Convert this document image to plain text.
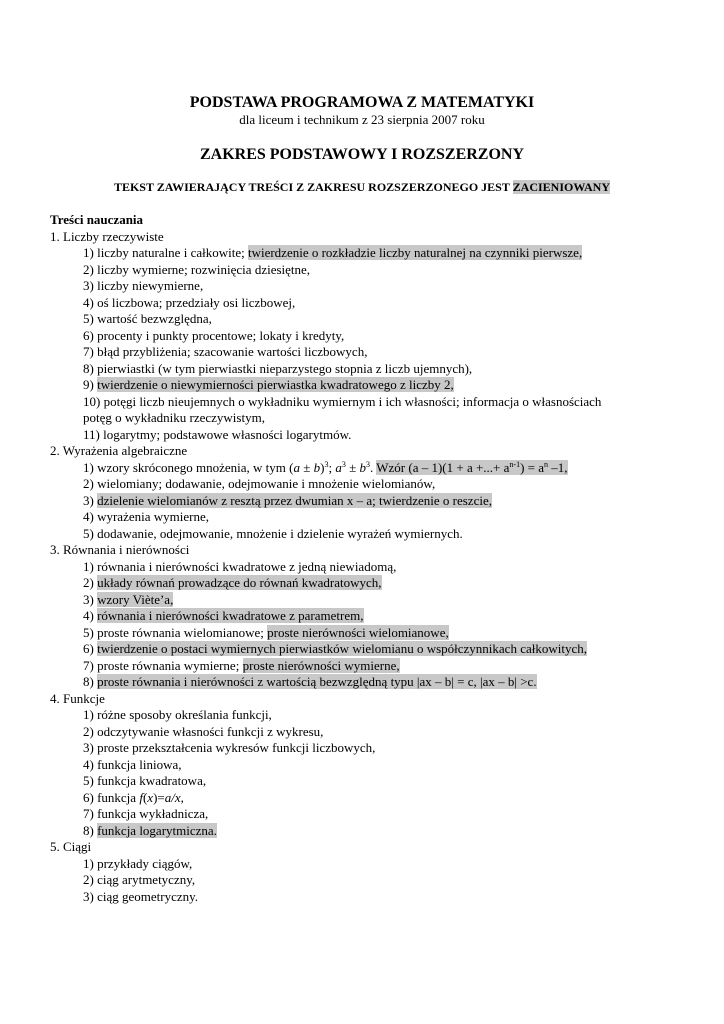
PODSTAWA PROGRAMOWA Z MATEMATYKI
dla liceum i technikum z 23 sierpnia 2007 roku
ZAKRES PODSTAWOWY I ROZSZERZONY
TEKST ZAWIERAJĄCY TREŚCI Z ZAKRESU ROZSZERZONEGO JEST ZACIENIOWANY
Treści nauczania
1. Liczby rzeczywiste
1) liczby naturalne i całkowite; twierdzenie o rozkładzie liczby naturalnej na czynniki pierwsze,
2) liczby wymierne; rozwinięcia dziesiętne,
3) liczby niewymierne,
4) oś liczbowa; przedziały osi liczbowej,
5) wartość bezwzględna,
6) procenty i punkty procentowe; lokaty i kredyty,
7) błąd przybliżenia; szacowanie wartości liczbowych,
8) pierwiastki (w tym pierwiastki nieparzystego stopnia z liczb ujemnych),
9) twierdzenie o niewymierności pierwiastka kwadratowego z liczby 2,
10) potęgi liczb nieujemnych o wykładniku wymiernym i ich własności; informacja o własnościach
potęg o wykładniku rzeczywistym,
11) logarytmy; podstawowe własności logarytmów.
2. Wyrażenia algebraiczne
1) wzory skróconego mnożenia, w tym $(a \pm b)^3$; $a^3 \pm b^3$. Wzór (a – 1)(1 + a +...+ $a^{n-1}) = a^n$ –1,
2) wielomiany; dodawanie, odejmowanie i mnożenie wielomianów,
3) dzielenie wielomianów z resztą przez dwumian x – a; twierdzenie o reszcie,
4) wyrażenia wymierne,
5) dodawanie, odejmowanie, mnożenie i dzielenie wyrażeń wymiernych.
3. Równania i nierówności
1) równania i nierówności kwadratowe z jedną niewiadomą,
2) układy równań prowadzące do równań kwadratowych,
3) wzory Viète’a,
4) równania i nierówności kwadratowe z parametrem,
5) proste równania wielomianowe; proste nierówności wielomianowe,
6) twierdzenie o postaci wymiernych pierwiastków wielomianu o współczynnikach całkowitych,
7) proste równania wymierne; proste nierówności wymierne,
8) proste równania i nierówności z wartością bezwzględną typu |ax – b| = c, |ax – b| >c.
4. Funkcje
1) różne sposoby określania funkcji,
2) odczytywanie własności funkcji z wykresu,
3) proste przekształcenia wykresów funkcji liczbowych,
4) funkcja liniowa,
5) funkcja kwadratowa,
6) funkcja f(x)=a/x,
7) funkcja wykładnicza,
8) funkcja logarytmiczna.
5. Ciągi
1) przykłady ciągów,
2) ciąg arytmetyczny,
3) ciąg geometryczny.
